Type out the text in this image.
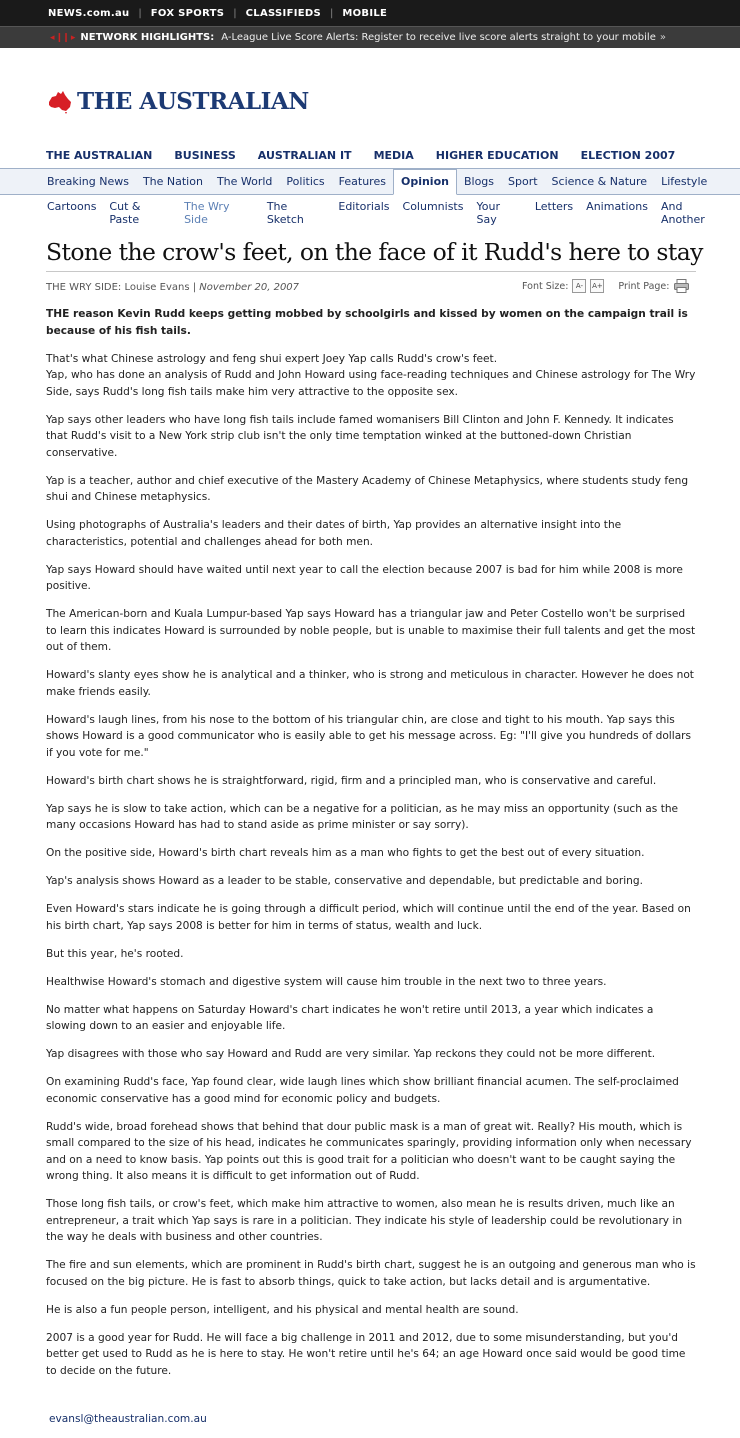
NEWS.com.au | FOX SPORTS | CLASSIFIEDS | MOBILE
◂ ❙❙ ▸ NETWORK HIGHLIGHTS: A-League Live Score Alerts: Register to receive live score alerts straight to your mobile »
THE AUSTRALIAN
THE AUSTRALIAN BUSINESS AUSTRALIAN IT MEDIA HIGHER EDUCATION ELECTION 2007
Breaking News	The Nation	The World	Politics	Features	Opinion	Blogs	Sport	Science & Nature	Lifestyle
Cartoons Cut & Paste
The Wry Side
The Sketch
Editorials Columnists Your Say
Letters Animations And Another
Stone the crow's feet, on the face of it Rudd's here to stay
THE WRY SIDE: Louise Evans | November 20, 2007	Font Size:	A-	A+ Print Page:

THE reason Kevin Rudd keeps getting mobbed by schoolgirls and kissed by women on the campaign trail is because of his fish tails.

That's what Chinese astrology and feng shui expert Joey Yap calls Rudd's crow's feet.

Yap, who has done an analysis of Rudd and John Howard using face-reading techniques and Chinese astrology for The Wry Side, says Rudd's long fish tails make him very attractive to the opposite sex.

Yap says other leaders who have long fish tails include famed womanisers Bill Clinton and John F. Kennedy. It indicates that Rudd's visit to a New York strip club isn't the only time temptation winked at the buttoned-down Christian conservative.

Yap is a teacher, author and chief executive of the Mastery Academy of Chinese Metaphysics, where students study feng shui and Chinese metaphysics.

Using photographs of Australia's leaders and their dates of birth, Yap provides an alternative insight into the characteristics, potential and challenges ahead for both men.

Yap says Howard should have waited until next year to call the election because 2007 is bad for him while 2008 is more positive.

The American-born and Kuala Lumpur-based Yap says Howard has a triangular jaw and Peter Costello won't be surprised to learn this indicates Howard is surrounded by noble people, but is unable to maximise their full talents and get the most out of them.

Howard's slanty eyes show he is analytical and a thinker, who is strong and meticulous in character. However he does not make friends easily.

Howard's laugh lines, from his nose to the bottom of his triangular chin, are close and tight to his mouth. Yap says this shows Howard is a good communicator who is easily able to get his message across. Eg: "I'll give you hundreds of dollars if you vote for me."

Howard's birth chart shows he is straightforward, rigid, firm and a principled man, who is conservative and careful.

Yap says he is slow to take action, which can be a negative for a politician, as he may miss an opportunity (such as the many occasions Howard has had to stand aside as prime minister or say sorry).

On the positive side, Howard's birth chart reveals him as a man who fights to get the best out of every situation.

Yap's analysis shows Howard as a leader to be stable, conservative and dependable, but predictable and boring.

Even Howard's stars indicate he is going through a difficult period, which will continue until the end of the year. Based on his birth chart, Yap says 2008 is better for him in terms of status, wealth and luck.

But this year, he's rooted.

Healthwise Howard's stomach and digestive system will cause him trouble in the next two to three years.

No matter what happens on Saturday Howard's chart indicates he won't retire until 2013, a year which indicates a slowing down to an easier and enjoyable life.

Yap disagrees with those who say Howard and Rudd are very similar. Yap reckons they could not be more different.

On examining Rudd's face, Yap found clear, wide laugh lines which show brilliant financial acumen. The self-proclaimed economic conservative has a good mind for economic policy and budgets.

Rudd's wide, broad forehead shows that behind that dour public mask is a man of great wit. Really? His mouth, which is small compared to the size of his head, indicates he communicates sparingly, providing information only when necessary and on a need to know basis. Yap points out this is good trait for a politician who doesn't want to be caught saying the wrong thing. It also means it is difficult to get information out of Rudd.

Those long fish tails, or crow's feet, which make him attractive to women, also mean he is results driven, much like an entrepreneur, a trait which Yap says is rare in a politician. They indicate his style of leadership could be revolutionary in the way he deals with business and other countries.

The fire and sun elements, which are prominent in Rudd's birth chart, suggest he is an outgoing and generous man who is focused on the big picture. He is fast to absorb things, quick to take action, but lacks detail and is argumentative.

He is also a fun people person, intelligent, and his physical and mental health are sound.

2007 is a good year for Rudd. He will face a big challenge in 2011 and 2012, due to some misunderstanding, but you'd better get used to Rudd as he is here to stay. He won't retire until he's 64; an age Howard once said would be good time to decide on the future.

evansl@theaustralian.com.au
